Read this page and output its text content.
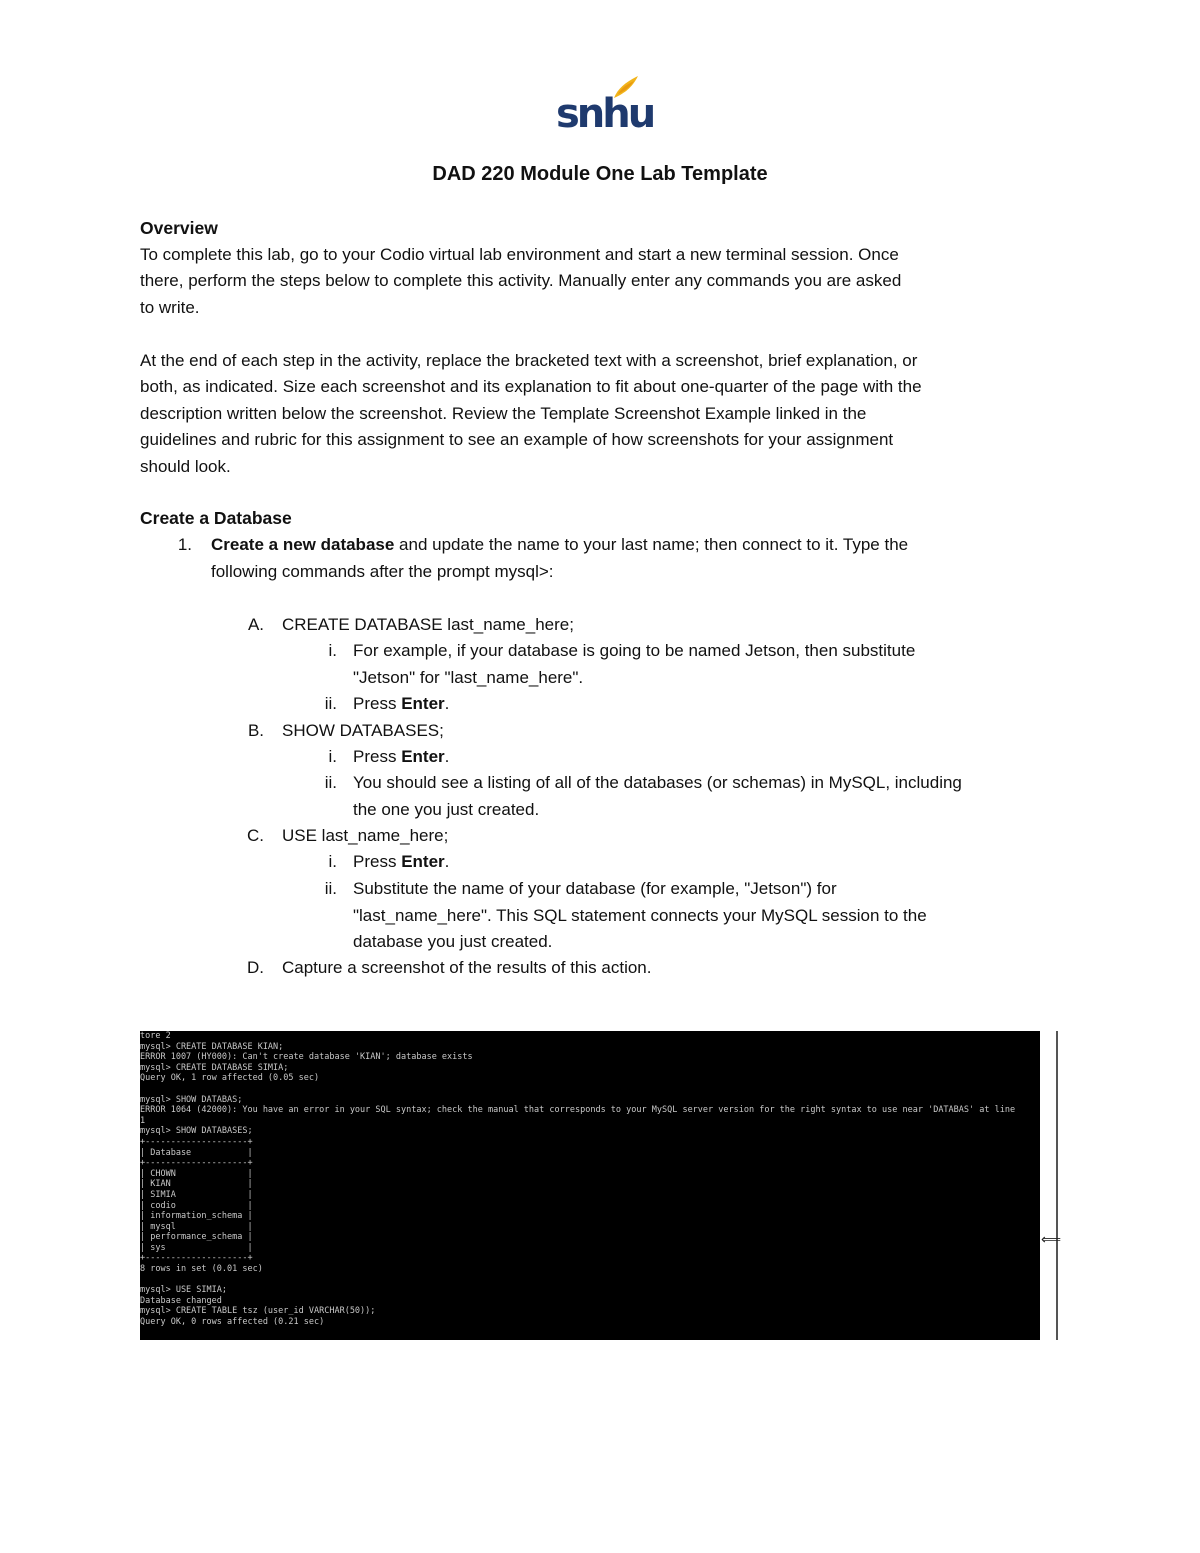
snhu
DAD 220 Module One Lab Template

Overview

To complete this lab, go to your Codio virtual lab environment and start a new terminal session. Once

there, perform the steps below to complete this activity. Manually enter any commands you are asked

to write.

At the end of each step in the activity, replace the bracketed text with a screenshot, brief explanation, or

both, as indicated. Size each screenshot and its explanation to fit about one-quarter of the page with the

description written below the screenshot. Review the Template Screenshot Example linked in the

guidelines and rubric for this assignment to see an example of how screenshots for your assignment

should look.

Create a Database

1. Create a new database and update the name to your last name; then connect to it. Type the

following commands after the prompt mysql>:

A. CREATE DATABASE last_name_here;
i. For example, if your database is going to be named Jetson, then substitute

"Jetson" for "last_name_here".

ii. Press Enter.
B. SHOW DATABASES;
i. Press Enter.
ii. You should see a listing of all of the databases (or schemas) in MySQL, including

the one you just created.

C. USE last_name_here;
i. Press Enter.
ii. Substitute the name of your database (for example, "Jetson") for

"last_name_here". This SQL statement connects your MySQL session to the

database you just created.

D. Capture a screenshot of the results of this action.
tore 2
mysql> CREATE DATABASE KIAN;
ERROR 1007 (HY000): Can't create database 'KIAN'; database exists
mysql> CREATE DATABASE SIMIA;
Query OK, 1 row affected (0.05 sec)
mysql> SHOW DATABAS;
ERROR 1064 (42000): You have an error in your SQL syntax; check the manual that corresponds to your MySQL server version for the right syntax to use near 'DATABAS' at line
1
mysql> SHOW DATABASES;
+--------------------+
| Database           |
+--------------------+
| CHOWN              |
| KIAN               |
| SIMIA              |
| codio              |
| information_schema |
| mysql              |
| performance_schema |
| sys                |
+--------------------+
8 rows in set (0.01 sec)
mysql> USE SIMIA;
Database changed
mysql> CREATE TABLE tsz (user_id VARCHAR(50));
Query OK, 0 rows affected (0.21 sec)
⟸
